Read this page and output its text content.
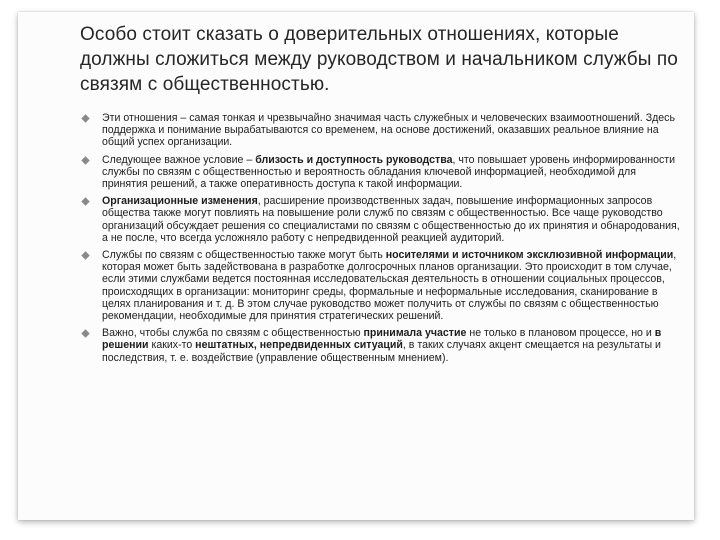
Особо стоит сказать о доверительных отношениях, которые должны сложиться между руководством и начальником службы по связям с общественностью.
Эти отношения – самая тонкая и чрезвычайно значимая часть служебных и человеческих взаимоотношений. Здесь поддержка и понимание вырабатываются со временем, на основе достижений, оказавших реальное влияние на общий успех организации.
Следующее важное условие – близость и доступность руководства, что повышает уровень информированности службы по связям с общественностью и вероятность обладания ключевой информацией, необходимой для принятия решений, а также оперативность доступа к такой информации.
Организационные изменения, расширение производственных задач, повышение информационных запросов общества также могут повлиять на повышение роли служб по связям с общественностью. Все чаще руководство организаций обсуждает решения со специалистами по связям с общественностью до их принятия и обнародования, а не после, что всегда усложняло работу с непредвиденной реакцией аудиторий.
Службы по связям с общественностью также могут быть носителями и источником эксклюзивной информации, которая может быть задействована в разработке долгосрочных планов организации. Это происходит в том случае, если этими службами ведется постоянная исследовательская деятельность в отношении социальных процессов, происходящих в организации: мониторинг среды, формальные и неформальные исследования, сканирование в целях планирования и т. д. В этом случае руководство может получить от службы по связям с общественностью рекомендации, необходимые для принятия стратегических решений.
Важно, чтобы служба по связям с общественностью принимала участие не только в плановом процессе, но и в решении каких-то нештатных, непредвиденных ситуаций, в таких случаях акцент смещается на результаты и последствия, т. е. воздействие (управление общественным мнением).
